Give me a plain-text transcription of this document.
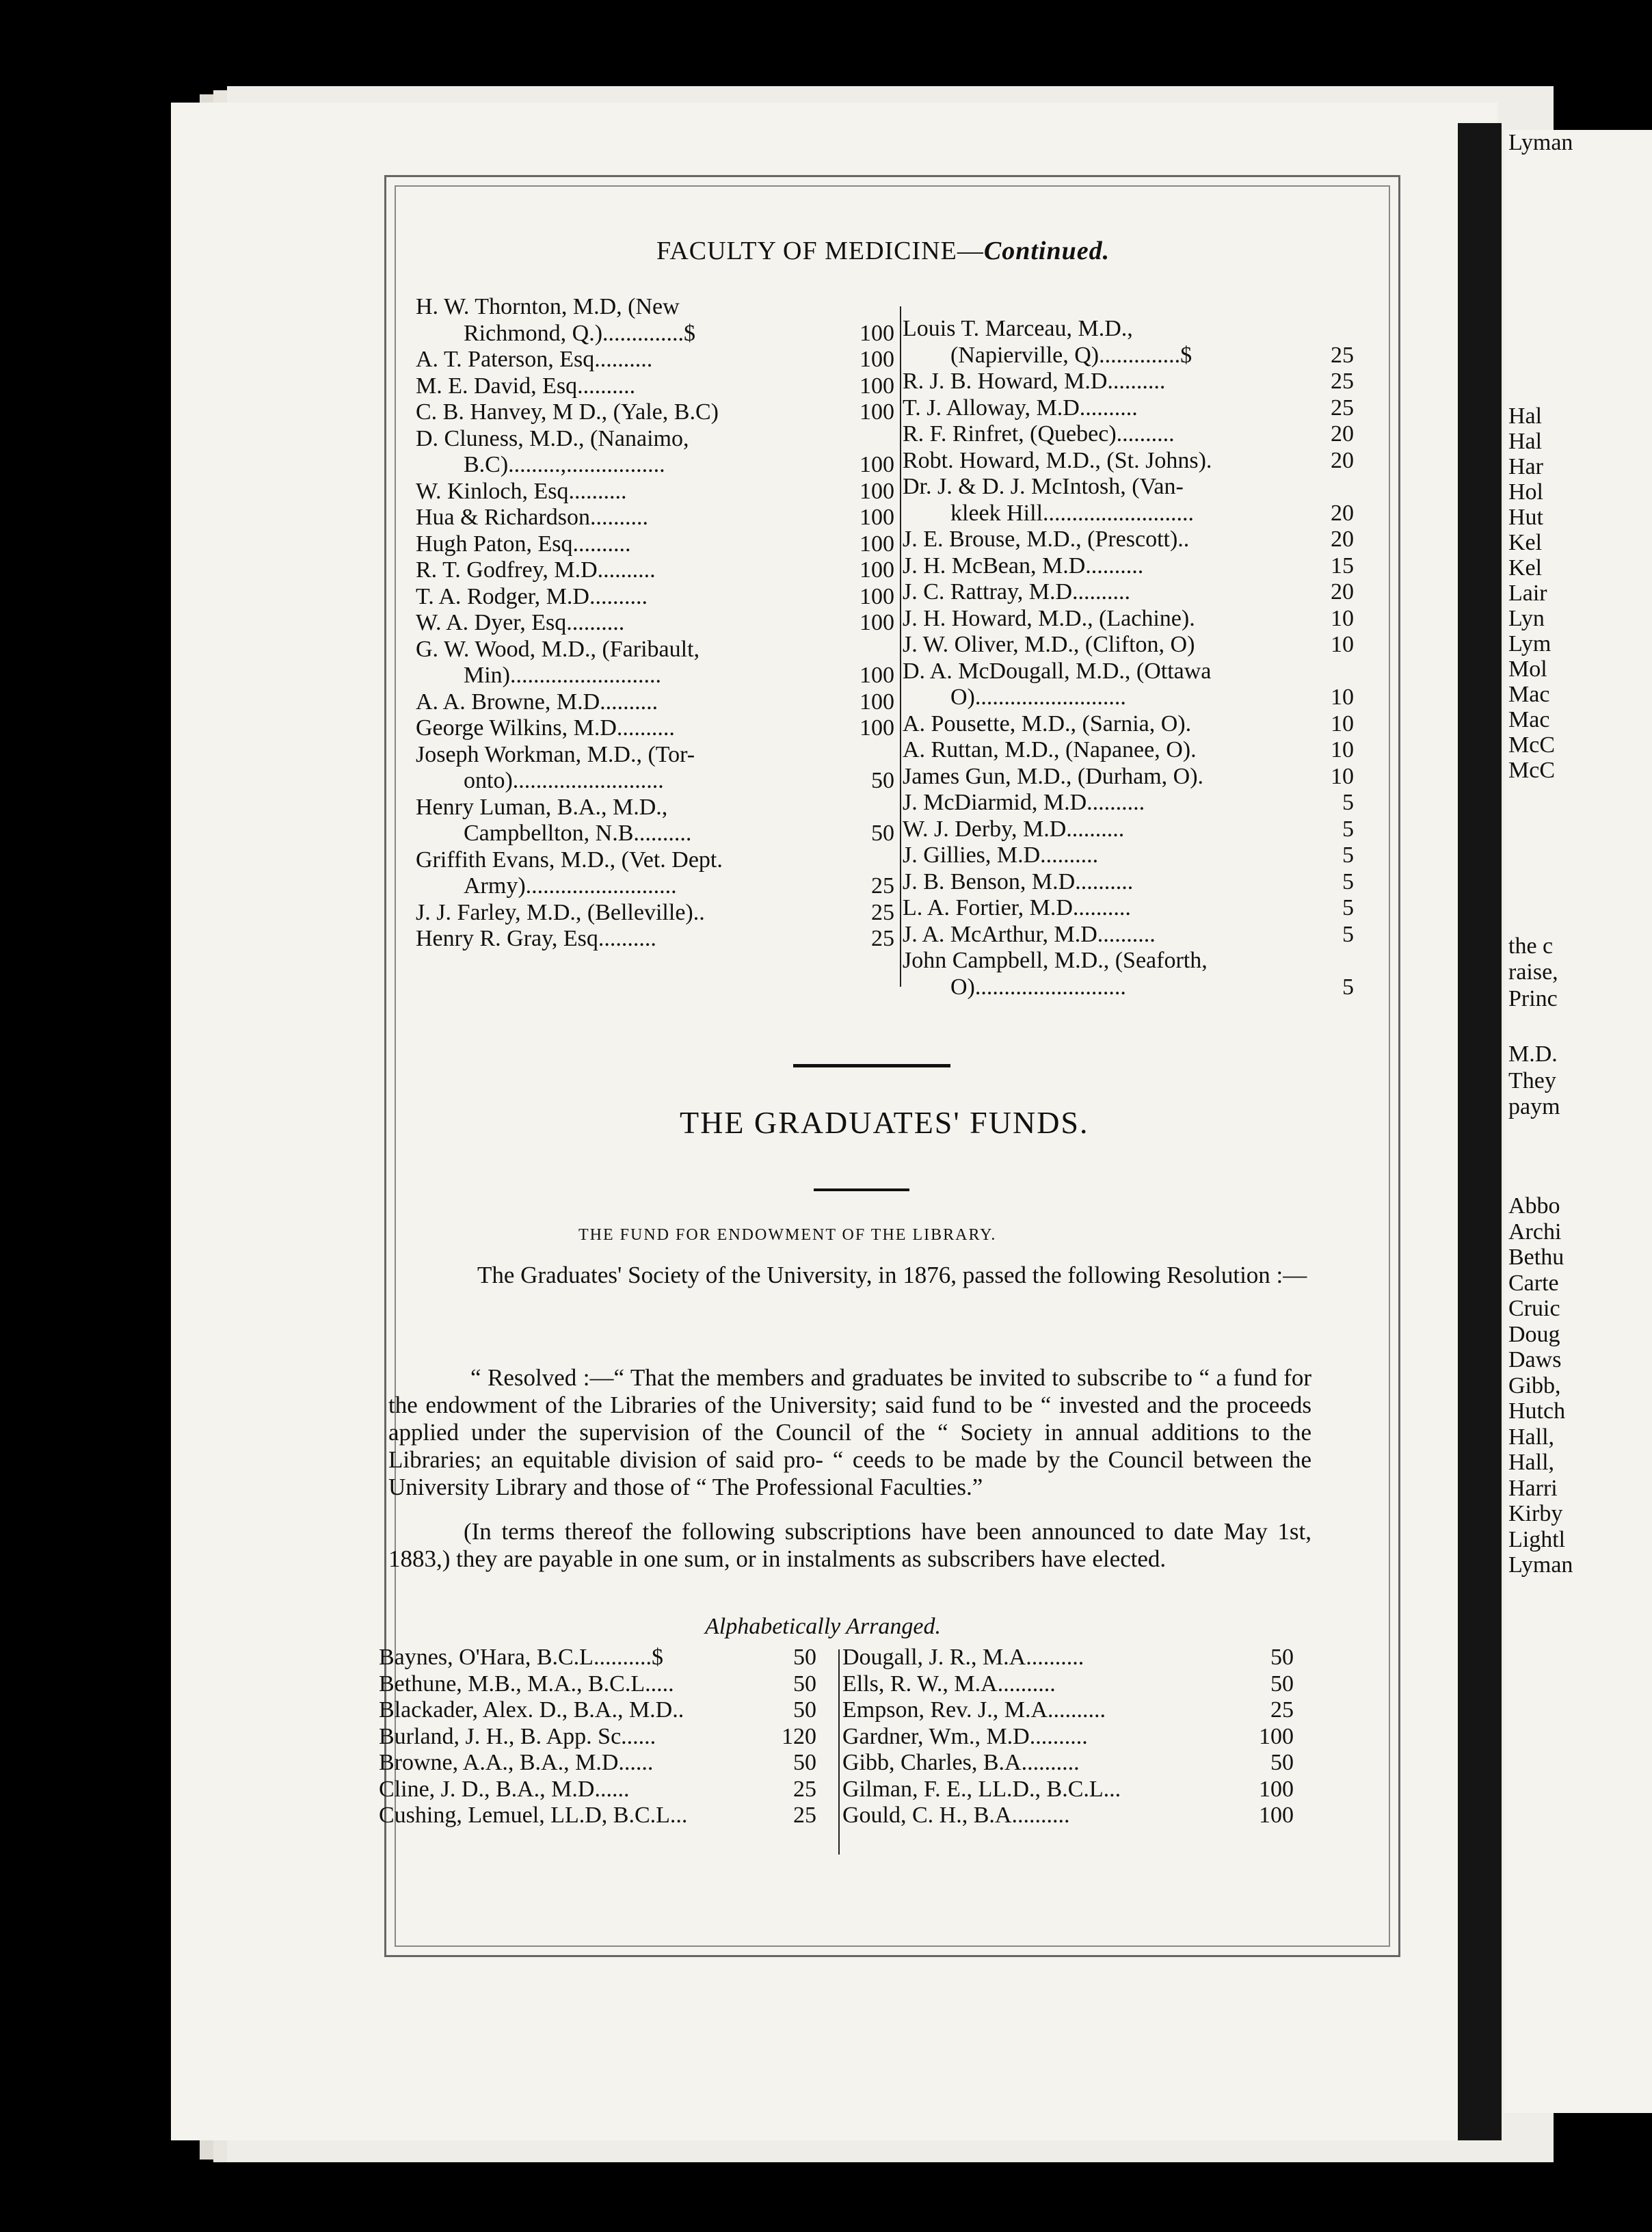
Hal
Hal
Har
Hol
Hut
Kel
Kel
Lair
Lyn
Lym
Mol
Mac
Mac
McC
McC
the c
raise,
Princ
M.D.
They
paym
Abbo
Archi
Bethu
Carte
Cruic
Doug
Daws
Gibb,
Hutch
Hall,
Hall,
Harri
Kirby
Lightl
Lyman
Lyman
FACULTY OF MEDICINE—Continued.
H. W. Thornton, M.D, (New
Richmond, Q.)..............$	100
A. T. Paterson, Esq..........	100
M. E. David, Esq..........	100
C. B. Hanvey, M D., (Yale, B.C)	100
D. Cluness, M.D., (Nanaimo,
B.C).........,.................	100
W. Kinloch, Esq..........	100
Hua & Richardson..........	100
Hugh Paton, Esq..........	100
R. T. Godfrey, M.D..........	100
T. A. Rodger, M.D..........	100
W. A. Dyer, Esq..........	100
G. W. Wood, M.D., (Faribault,
Min)..........................	100
A. A. Browne, M.D..........	100
George Wilkins, M.D..........	100
Joseph Workman, M.D., (Tor-
onto)..........................	50
Henry Luman, B.A., M.D.,
Campbellton, N.B..........	50
Griffith Evans, M.D., (Vet. Dept.
Army)..........................	25
J. J. Farley, M.D., (Belleville)..	25
Henry R. Gray, Esq..........	25
Louis T. Marceau, M.D.,
(Napierville, Q)..............$	25
R. J. B. Howard, M.D..........	25
T. J. Alloway, M.D..........	25
R. F. Rinfret, (Quebec)..........	20
Robt. Howard, M.D., (St. Johns).	20
Dr. J. & D. J. McIntosh, (Van-
kleek Hill..........................	20
J. E. Brouse, M.D., (Prescott)..	20
J. H. McBean, M.D..........	15
J. C. Rattray, M.D..........	20
J. H. Howard, M.D., (Lachine).	10
J. W. Oliver, M.D., (Clifton, O)	10
D. A. McDougall, M.D., (Ottawa
O)..........................	10
A. Pousette, M.D., (Sarnia, O).	10
A. Ruttan, M.D., (Napanee, O).	10
James Gun, M.D., (Durham, O).	10
J. McDiarmid, M.D..........	5
W. J. Derby, M.D..........	5
J. Gillies, M.D..........	5
J. B. Benson, M.D..........	5
L. A. Fortier, M.D..........	5
J. A. McArthur, M.D..........	5
John Campbell, M.D., (Seaforth,
O)..........................	5
THE GRADUATES' FUNDS.
THE FUND FOR ENDOWMENT OF THE LIBRARY.
The Graduates' Society of the University, in 1876, passed the following Resolution :—
“ Resolved :—“ That the members and graduates be invited to subscribe to “ a fund for the endowment of the Libraries of the University; said fund to be “ invested and the proceeds applied under the supervision of the Council of the “ Society in annual additions to the Libraries; an equitable division of said pro- “ ceeds to be made by the Council between the University Library and those of “ The Professional Faculties.”
(In terms thereof the following subscriptions have been announced to date May 1st, 1883,) they are payable in one sum, or in instalments as subscribers have elected.
Alphabetically Arranged.
Baynes, O'Hara, B.C.L..........$	50
Bethune, M.B., M.A., B.C.L.....	50
Blackader, Alex. D., B.A., M.D..	50
Burland, J. H., B. App. Sc......	120
Browne, A.A., B.A., M.D......	50
Cline, J. D., B.A., M.D......	25
Cushing, Lemuel, LL.D, B.C.L...	25
Dougall, J. R., M.A..........	50
Ells, R. W., M.A..........	50
Empson, Rev. J., M.A..........	25
Gardner, Wm., M.D..........	100
Gibb, Charles, B.A..........	50
Gilman, F. E., LL.D., B.C.L...	100
Gould, C. H., B.A..........	100
